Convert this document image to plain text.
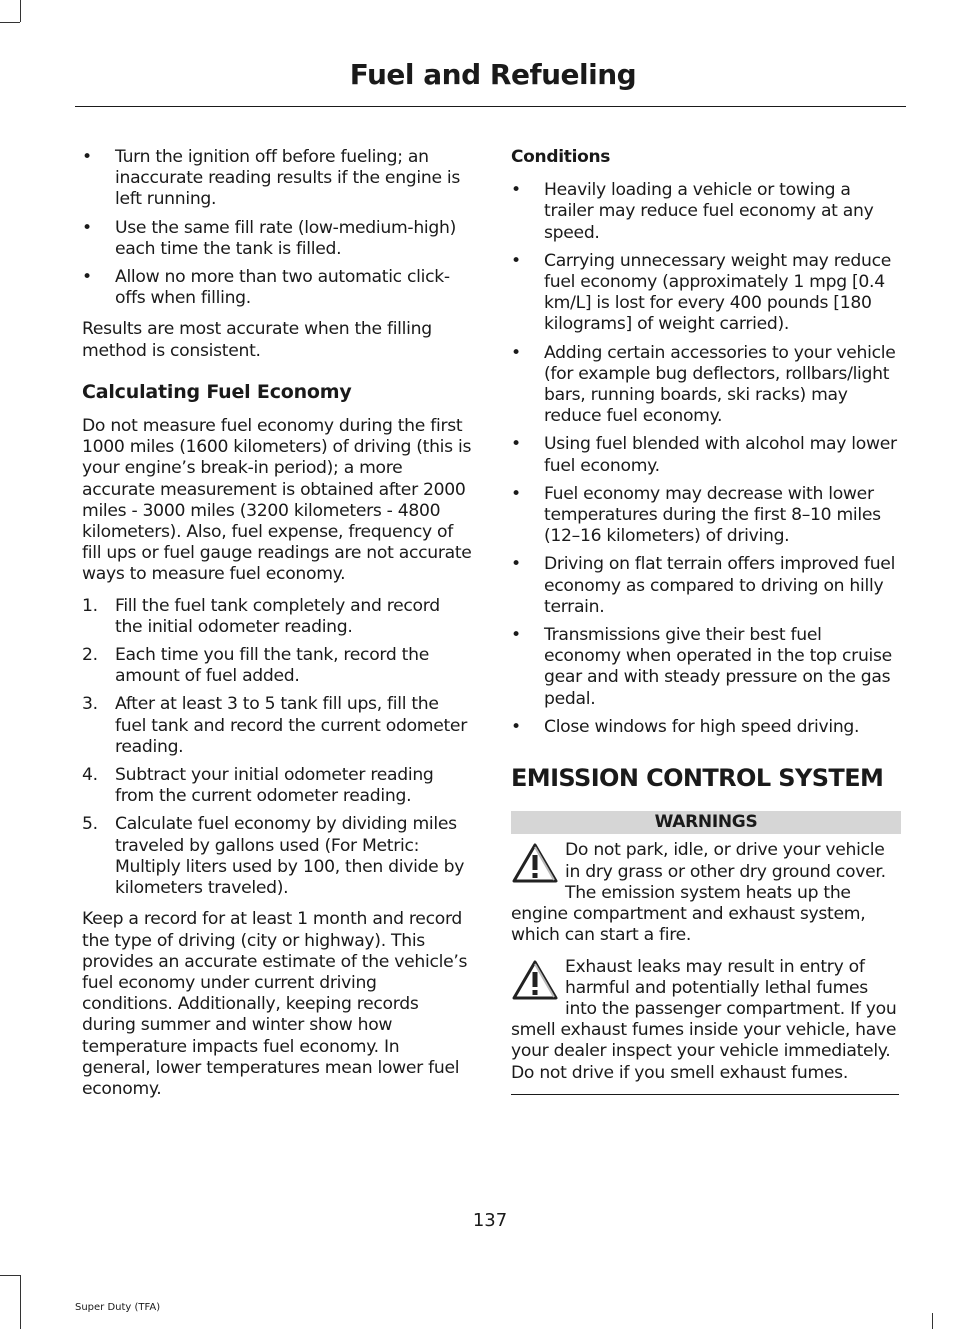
Fuel and Refueling
• Turn the ignition off before fueling; an inaccurate reading results if the engine is left running.
• Use the same fill rate (low-medium-high) each time the tank is filled.
• Allow no more than two automatic click-offs when filling.

Results are most accurate when the filling method is consistent.

Calculating Fuel Economy

Do not measure fuel economy during the first 1000 miles (1600 kilometers) of driving (this is your engine’s break-in period); a more accurate measurement is obtained after 2000 miles - 3000 miles (3200 kilometers - 4800 kilometers). Also, fuel expense, frequency of fill ups or fuel gauge readings are not accurate ways to measure fuel economy.

1. Fill the fuel tank completely and record the initial odometer reading.
2. Each time you fill the tank, record the amount of fuel added.
3. After at least 3 to 5 tank fill ups, fill the fuel tank and record the current odometer reading.
4. Subtract your initial odometer reading from the current odometer reading.
5. Calculate fuel economy by dividing miles traveled by gallons used (For Metric: Multiply liters used by 100, then divide by kilometers traveled).

Keep a record for at least 1 month and record the type of driving (city or highway). This provides an accurate estimate of the vehicle’s fuel economy under current driving conditions. Additionally, keeping records during summer and winter show how temperature impacts fuel economy. In general, lower temperatures mean lower fuel economy.

Conditions
• Heavily loading a vehicle or towing a trailer may reduce fuel economy at any speed.
• Carrying unnecessary weight may reduce fuel economy (approximately 1 mpg [0.4 km/L] is lost for every 400 pounds [180 kilograms] of weight carried).
• Adding certain accessories to your vehicle (for example bug deflectors, rollbars/light bars, running boards, ski racks) may reduce fuel economy.
• Using fuel blended with alcohol may lower fuel economy.
• Fuel economy may decrease with lower temperatures during the first 8–10 miles (12–16 kilometers) of driving.
• Driving on flat terrain offers improved fuel economy as compared to driving on hilly terrain.
• Transmissions give their best fuel economy when operated in the top cruise gear and with steady pressure on the gas pedal.
• Close windows for high speed driving.
EMISSION CONTROL SYSTEM
WARNINGS
Do not park, idle, or drive your vehicle in dry grass or other dry ground cover. The emission system heats up the engine compartment and exhaust system, which can start a fire.
Exhaust leaks may result in entry of harmful and potentially lethal fumes into the passenger compartment. If you smell exhaust fumes inside your vehicle, have your dealer inspect your vehicle immediately. Do not drive if you smell exhaust fumes.
137
Super Duty (TFA)
